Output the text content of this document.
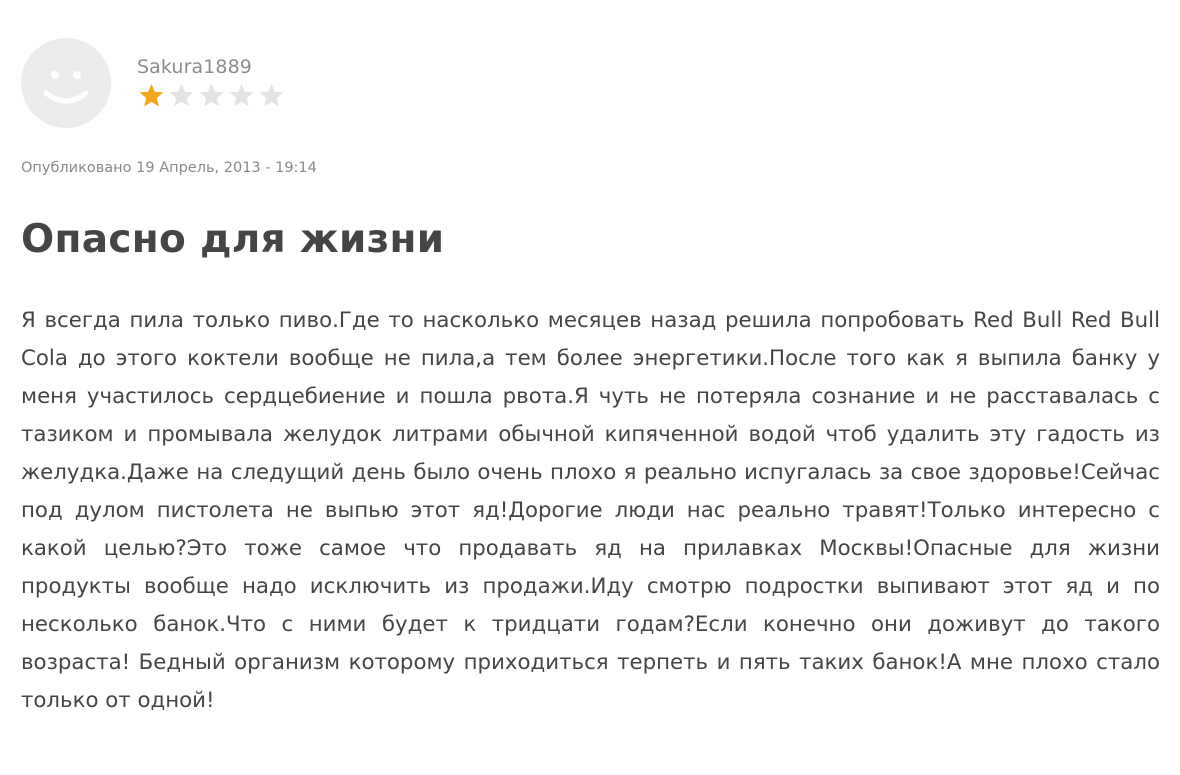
Sakura1889
Опубликовано 19 Апрель, 2013 - 19:14
Опасно для жизни

Я всегда пила только пиво.Где то насколько месяцев назад решила попробовать Red Bull Red Bull Cola до этого коктели вообще не пила,а тем более энергетики.После того как я выпила банку у меня участилось сердцебиение и пошла рвота.Я чуть не потеряла сознание и не расставалась с тазиком и промывала желудок литрами обычной кипяченной водой чтоб удалить эту гадость из желудка.Даже на следущий день было очень плохо я реально испугалась за свое здоровье!Сейчас под дулом пистолета не выпью этот яд!Дорогие люди нас реально травят!Только интересно с какой целью?Это тоже самое что продавать яд на прилавках Москвы!Опасные для жизни продукты вообще надо исключить из продажи.Иду смотрю подростки выпивают этот яд и по несколько банок.Что с ними будет к тридцати годам?Если конечно они доживут до такого возраста! Бедный организм которому приходиться терпеть и пять таких банок!А мне плохо стало только от одной!
